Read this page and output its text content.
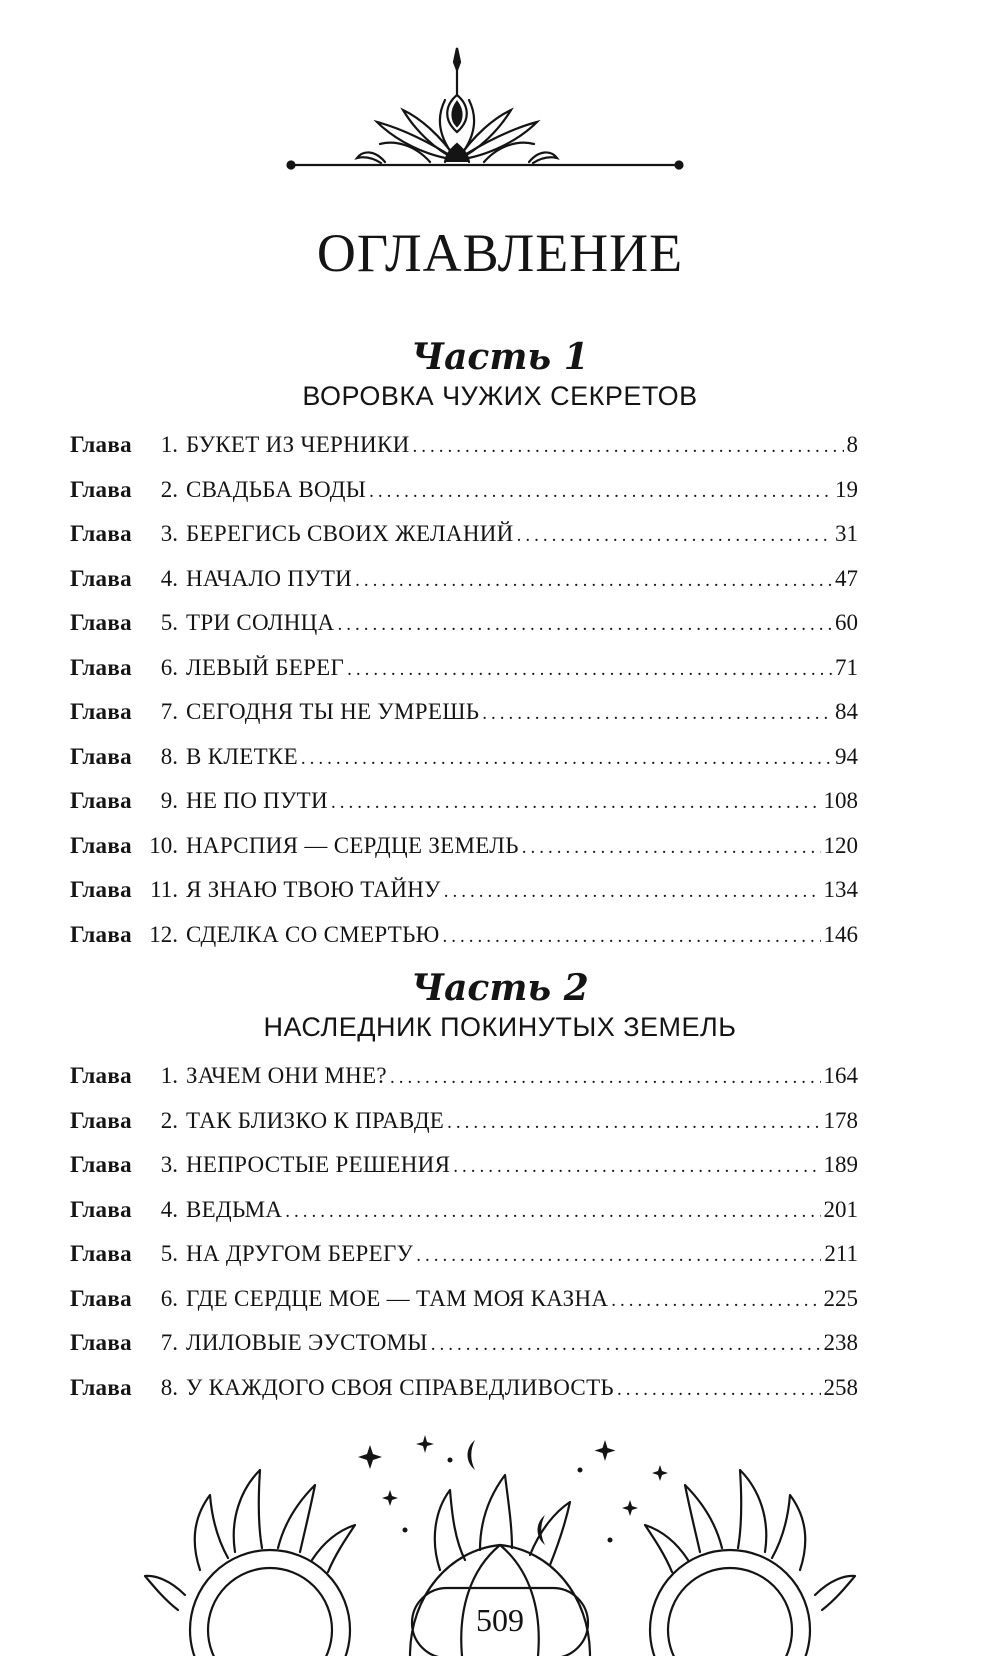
ОГЛАВЛЕНИЕ
Часть 1
ВОРОВКА ЧУЖИХ СЕКРЕТОВ
Глава	1. БУКЕТ ИЗ ЧЕРНИКИ .....	8
Глава	2. СВАДЬБА ВОДЫ .....	19
Глава	3. БЕРЕГИСЬ СВОИХ ЖЕЛАНИЙ .....	31
Глава	4. НАЧАЛО ПУТИ .....	47
Глава	5. ТРИ СОЛНЦА .....	60
Глава	6. ЛЕВЫЙ БЕРЕГ .....	71
Глава	7. СЕГОДНЯ ТЫ НЕ УМРЕШЬ .....	84
Глава	8. В КЛЕТКЕ .....	94
Глава	9. НЕ ПО ПУТИ .....	108
Глава 10. НАРСПИЯ — СЕРДЦЕ ЗЕМЕЛЬ .....	120
Глава 11. Я ЗНАЮ ТВОЮ ТАЙНУ .....	134
Глава 12. СДЕЛКА СО СМЕРТЬЮ .....	146
Часть 2
НАСЛЕДНИК ПОКИНУТЫХ ЗЕМЕЛЬ
Глава	1. ЗАЧЕМ ОНИ МНЕ? .....	164
Глава	2. ТАК БЛИЗКО К ПРАВДЕ .....	178
Глава	3. НЕПРОСТЫЕ РЕШЕНИЯ .....	189
Глава	4. ВЕДЬМА .....	201
Глава	5. НА ДРУГОМ БЕРЕГУ .....	211
Глава	6. ГДЕ СЕРДЦЕ МОЕ — ТАМ МОЯ КАЗНА .....	225
Глава	7. ЛИЛОВЫЕ ЭУСТОМЫ .....	238
Глава	8. У КАЖДОГО СВОЯ СПРАВЕДЛИВОСТЬ .....	258
509
